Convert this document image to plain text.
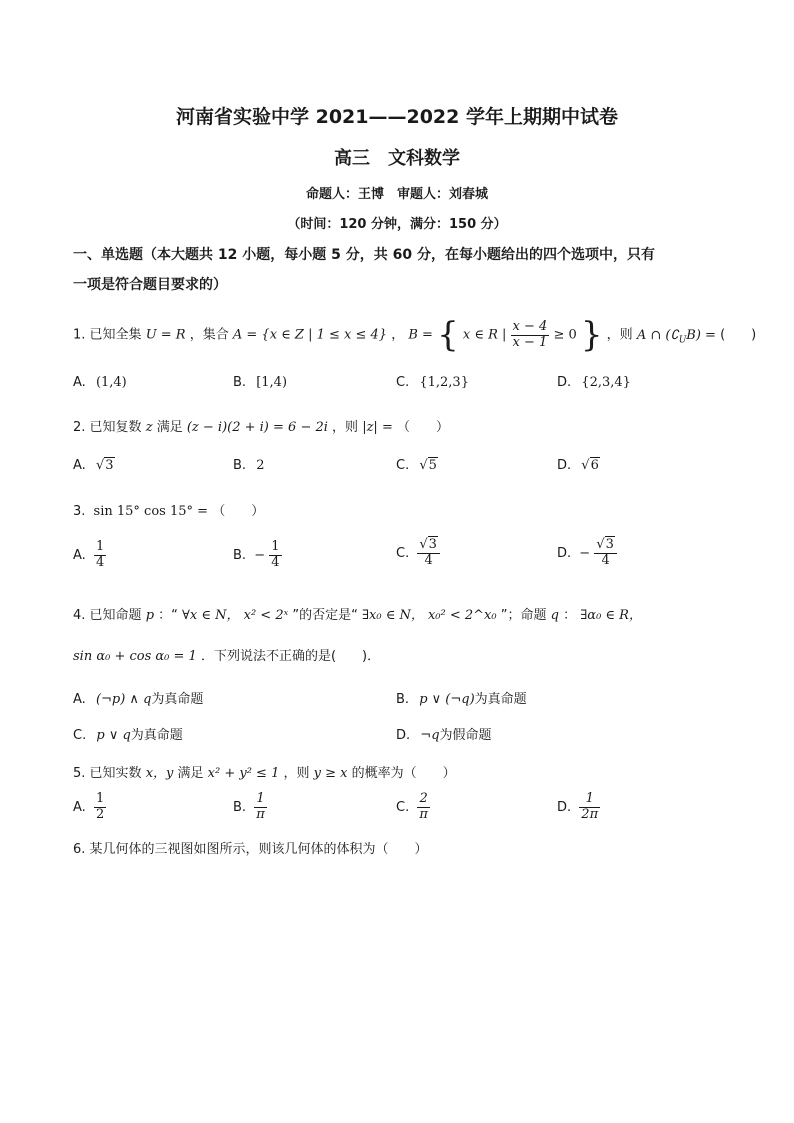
河南省实验中学 2021——2022 学年上期期中试卷
高三　文科数学
命题人：王博　审题人：刘春城
（时间：120 分钟，满分：150 分）
一、单选题（本大题共 12 小题，每小题 5 分，共 60 分，在每小题给出的四个选项中，只有
一项是符合题目要求的）
1. 已知全集 U = R ，集合 A = {x ∈ Z | 1 ≤ x ≤ 4} ， B = { x ∈ R | $\frac{x - 4}{x - 1} \ge 0$ } ，则 A ∩ $(∁_UB)$ = (　　)
A. (1,4)	B. [1,4)	C. {1,2,3}	D. {2,3,4}
2. 已知复数 z 满足 (z − i)(2 + i) = 6 − 2i ，则 |z| = （　　）
A. √3	B. 2	C. √5	D. √6
3. sin 15° cos 15° = （　　）
A. $\frac{1}{4}$	B. − $\frac{1}{4}$	C. $\frac{√3}{4}$	D. − $\frac{√3}{4}$
4. 已知命题 p ：“ ∀x ∈ N， x² < 2ˣ ”的否定是“ ∃x₀ ∈ N， x₀² < 2^x₀ ”；命题 q ： ∃α₀ ∈ R，
sin α₀ + cos α₀ = 1 ．下列说法不正确的是(　　)．
A. (¬p) ∧ q为真命题	B. p ∨ (¬q)为真命题
C. p ∨ q为真命题	D. ¬q为假命题
5. 已知实数 x，y 满足 x² + y² ≤ 1 ，则 y ≥ x 的概率为（　　）
A. $\frac{1}{2}$	B. $\frac{1}{\pi}$	C. $\frac{2}{\pi}$	D. $\frac{1}{2\pi}$
6. 某几何体的三视图如图所示，则该几何体的体积为（　　）
